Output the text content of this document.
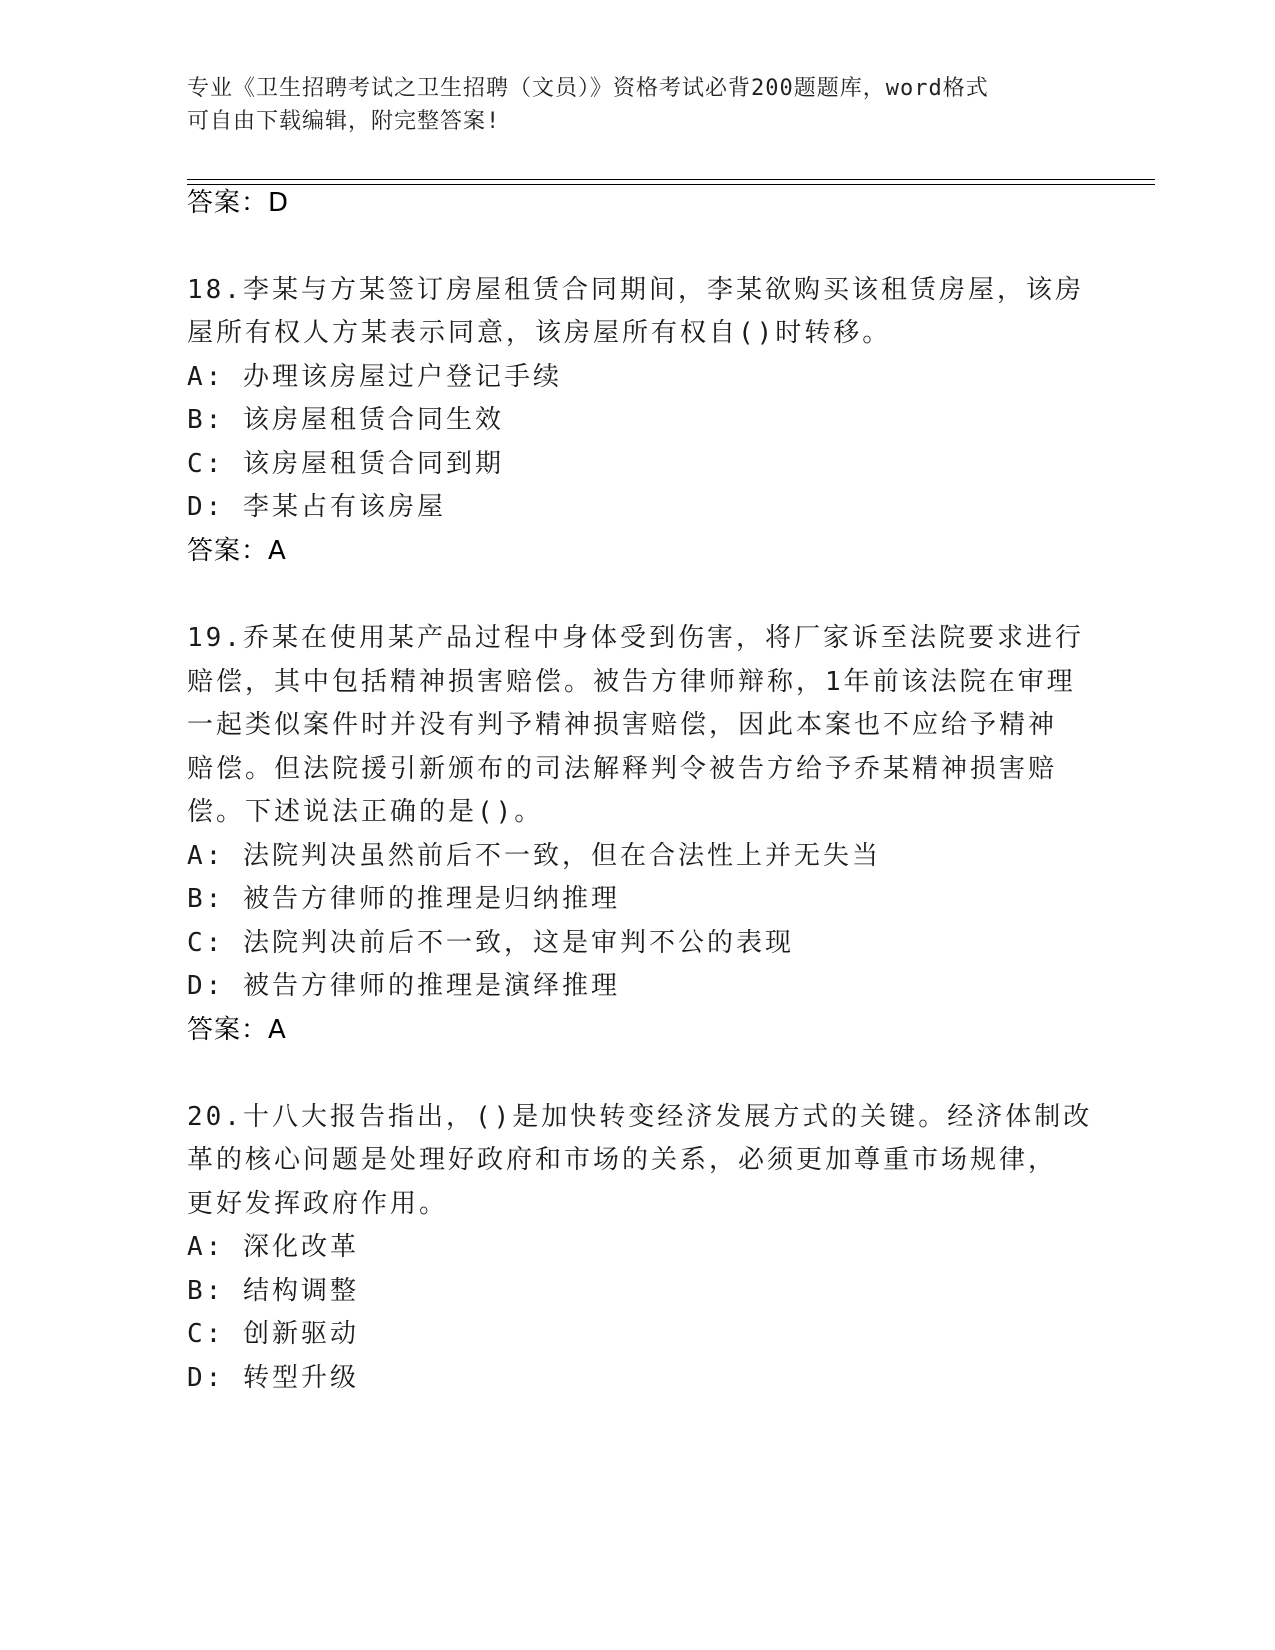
专业《卫生招聘考试之卫生招聘（文员）》资格考试必背200题题库，word格式
可自由下载编辑，附完整答案!
答案：D
18.李某与方某签订房屋租赁合同期间，李某欲购买该租赁房屋，该房
屋所有权人方某表示同意，该房屋所有权自()时转移。
A: 办理该房屋过户登记手续
B: 该房屋租赁合同生效
C: 该房屋租赁合同到期
D: 李某占有该房屋
答案：A
19.乔某在使用某产品过程中身体受到伤害，将厂家诉至法院要求进行
赔偿，其中包括精神损害赔偿。被告方律师辩称，1年前该法院在审理
一起类似案件时并没有判予精神损害赔偿，因此本案也不应给予精神
赔偿。但法院援引新颁布的司法解释判令被告方给予乔某精神损害赔
偿。下述说法正确的是()。
A: 法院判决虽然前后不一致，但在合法性上并无失当
B: 被告方律师的推理是归纳推理
C: 法院判决前后不一致，这是审判不公的表现
D: 被告方律师的推理是演绎推理
答案：A
20.十八大报告指出，()是加快转变经济发展方式的关键。经济体制改
革的核心问题是处理好政府和市场的关系，必须更加尊重市场规律，
更好发挥政府作用。
A: 深化改革
B: 结构调整
C: 创新驱动
D: 转型升级
